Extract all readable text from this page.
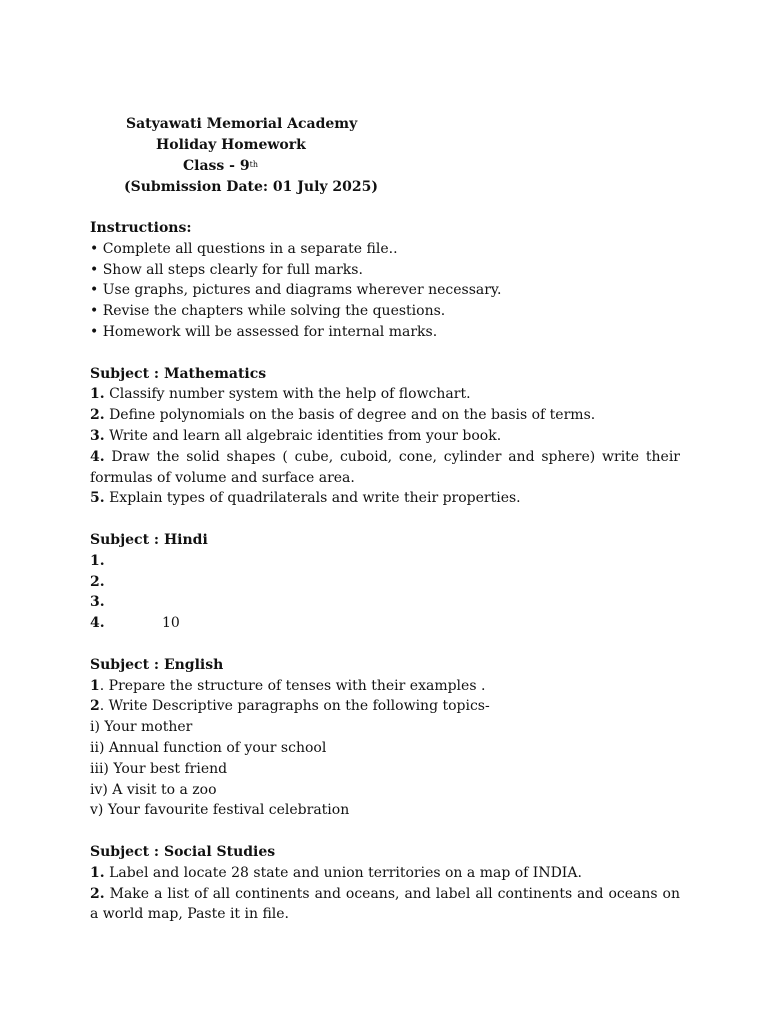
Satyawati Memorial Academy
Holiday Homework
Class - 9th
(Submission Date: 01 July 2025)
Instructions:
• Complete all questions in a separate file..
• Show all steps clearly for full marks.
• Use graphs, pictures and diagrams wherever necessary.
• Revise the chapters while solving the questions.
• Homework will be assessed for internal marks.
Subject : Mathematics
1. Classify number system with the help of flowchart.
2. Define polynomials on the basis of degree and on the basis of terms.
3. Write and learn all algebraic identities from your book.
4. Draw the solid shapes ( cube, cuboid, cone, cylinder and sphere) write their formulas of volume and surface area.
5. Explain types of quadrilaterals and write their properties.
Subject : Hindi
1.
2.
3.
4.	10
Subject : English
1. Prepare the structure of tenses with their examples .
2. Write Descriptive paragraphs on the following topics-
i) Your mother
ii) Annual function of your school
iii) Your best friend
iv) A visit to a zoo
v) Your favourite festival celebration
Subject : Social Studies
1. Label and locate 28 state and union territories on a map of INDIA.
2. Make a list of all continents and oceans, and label all continents and oceans on a world map, Paste it in file.
